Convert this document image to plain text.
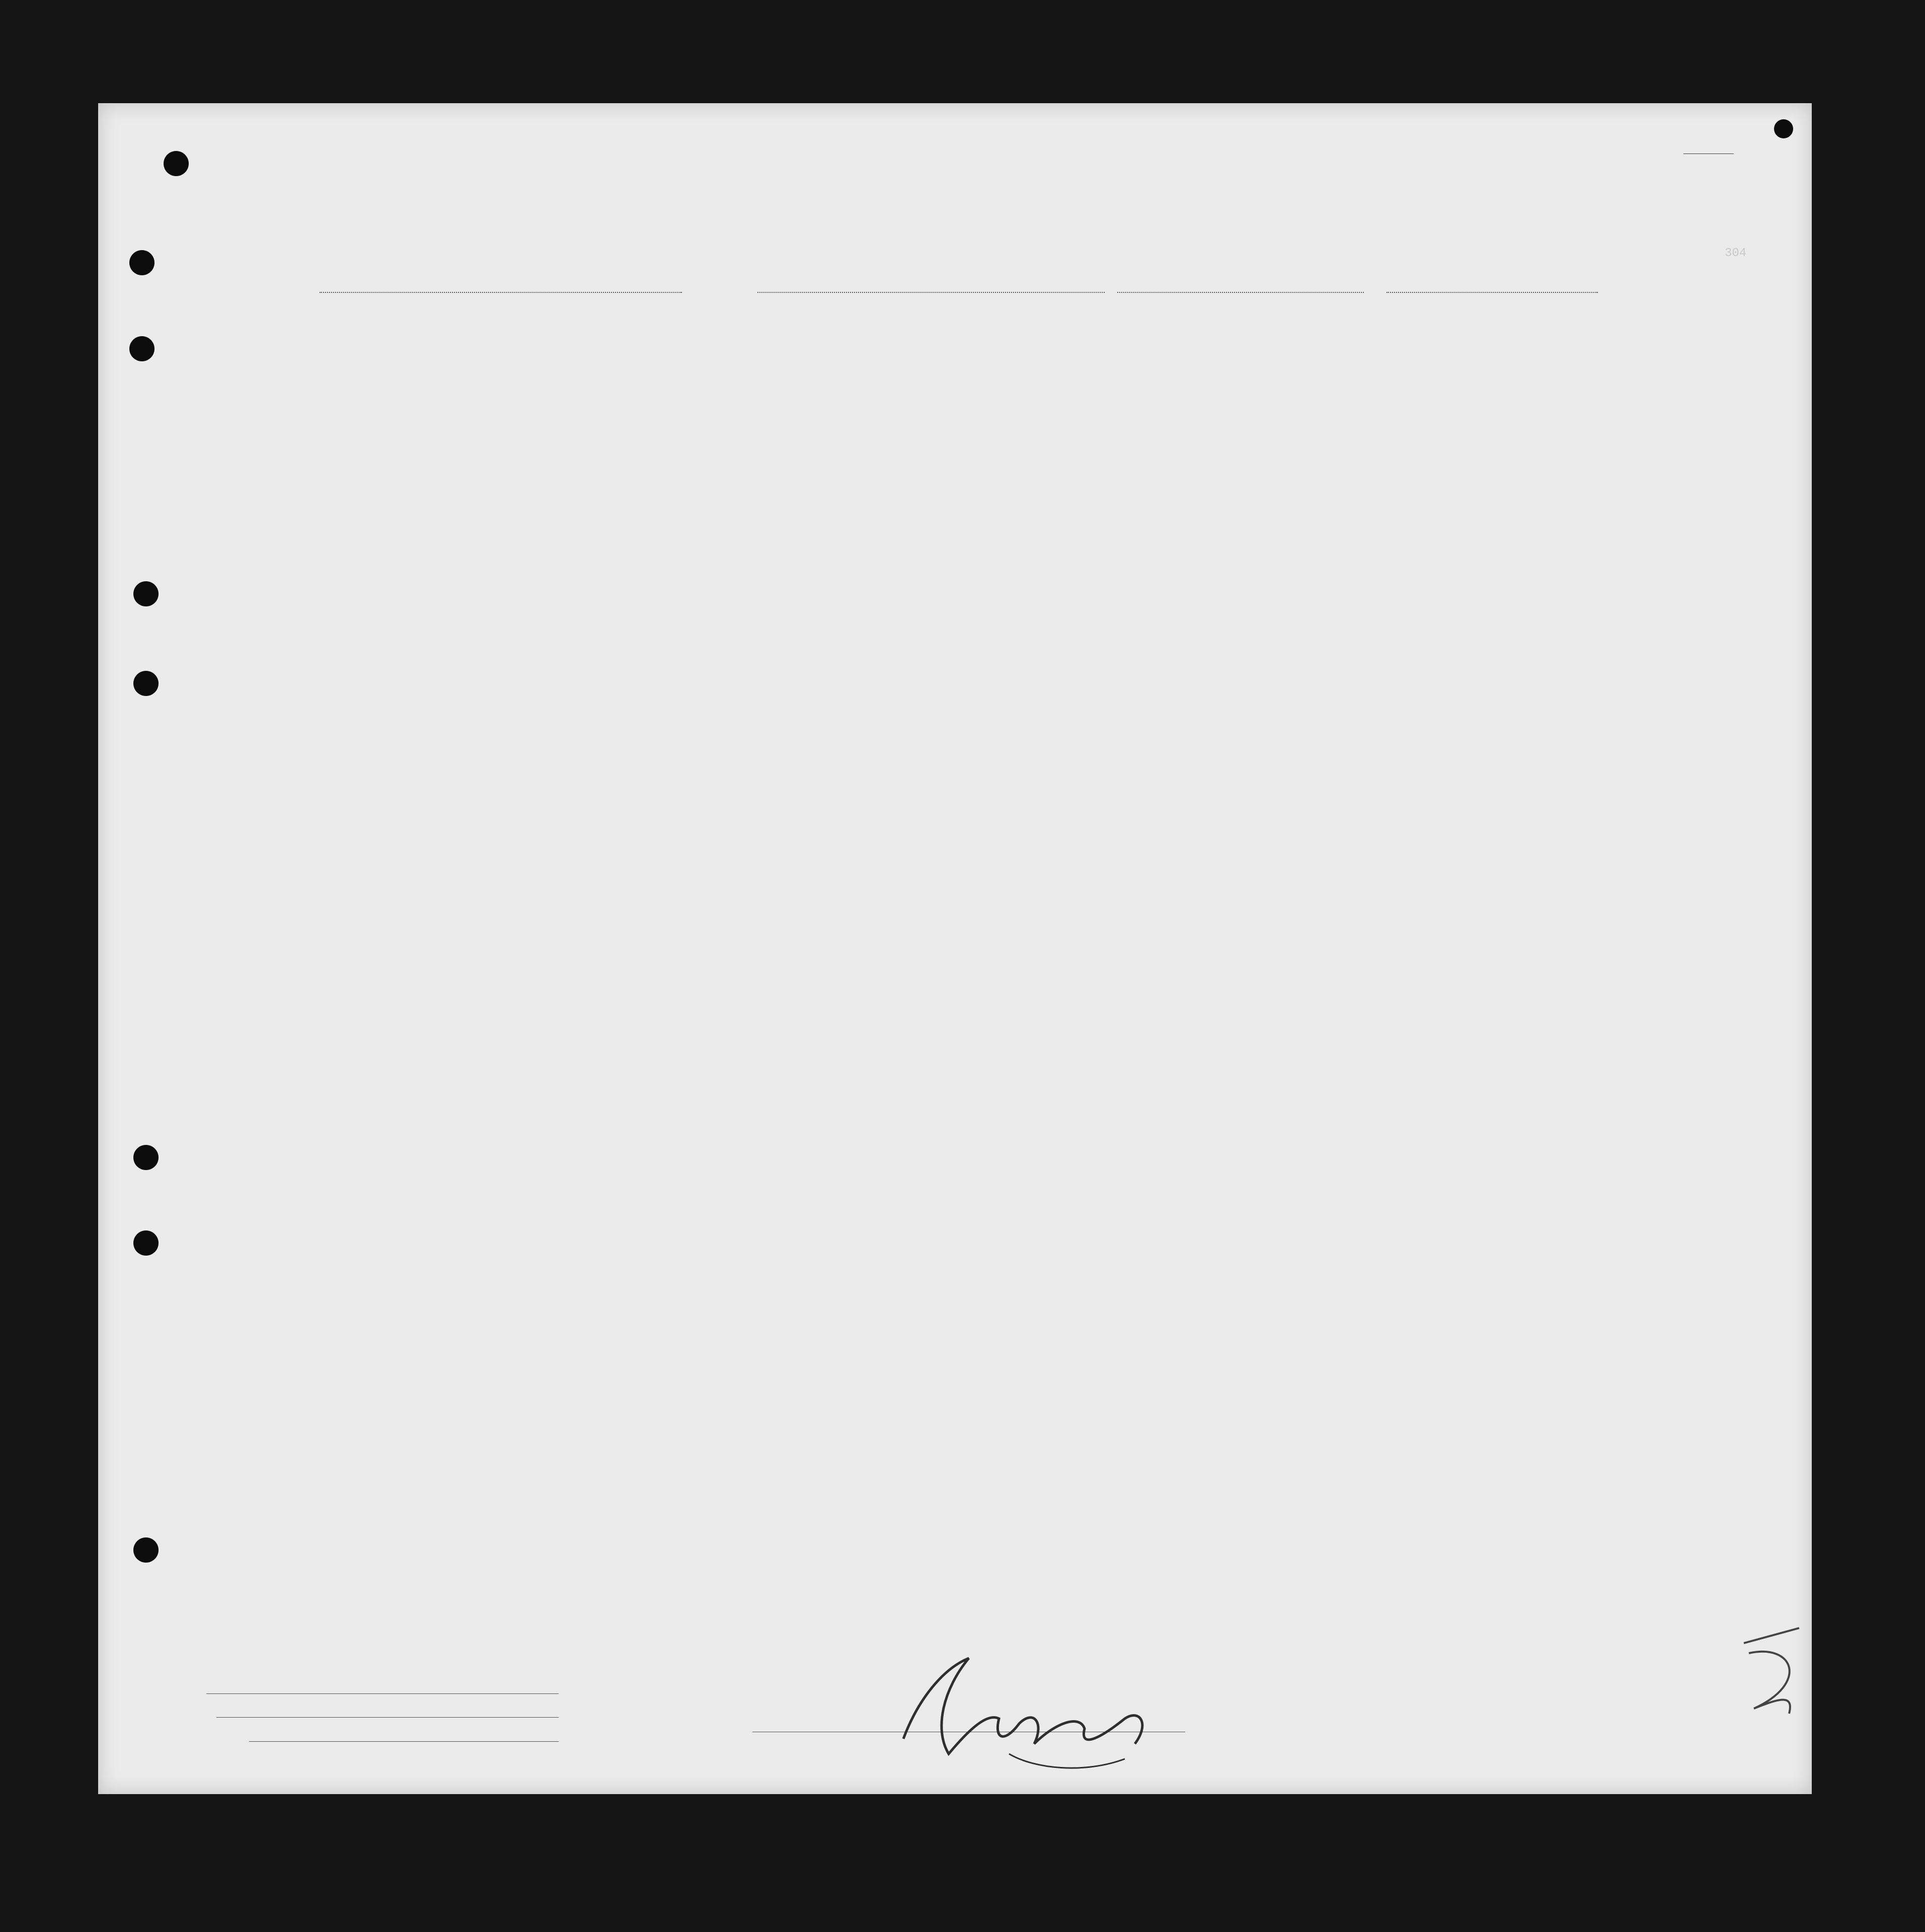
304
